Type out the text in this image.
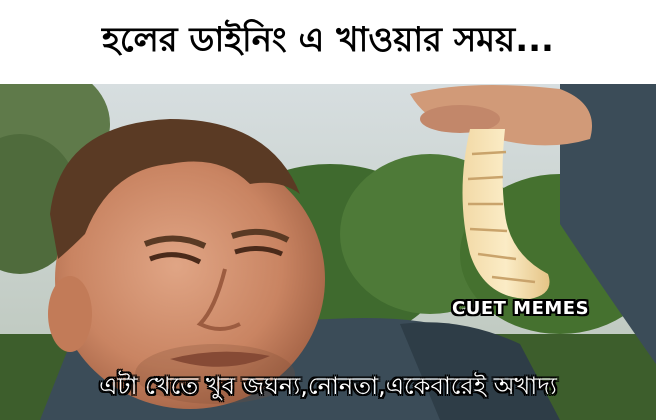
হলের ডাইনিং এ খাওয়ার সময়...
CUET MEMES
এটা খেতে খুব জঘন্য,নোনতা,একেবারেই অখাদ্য
